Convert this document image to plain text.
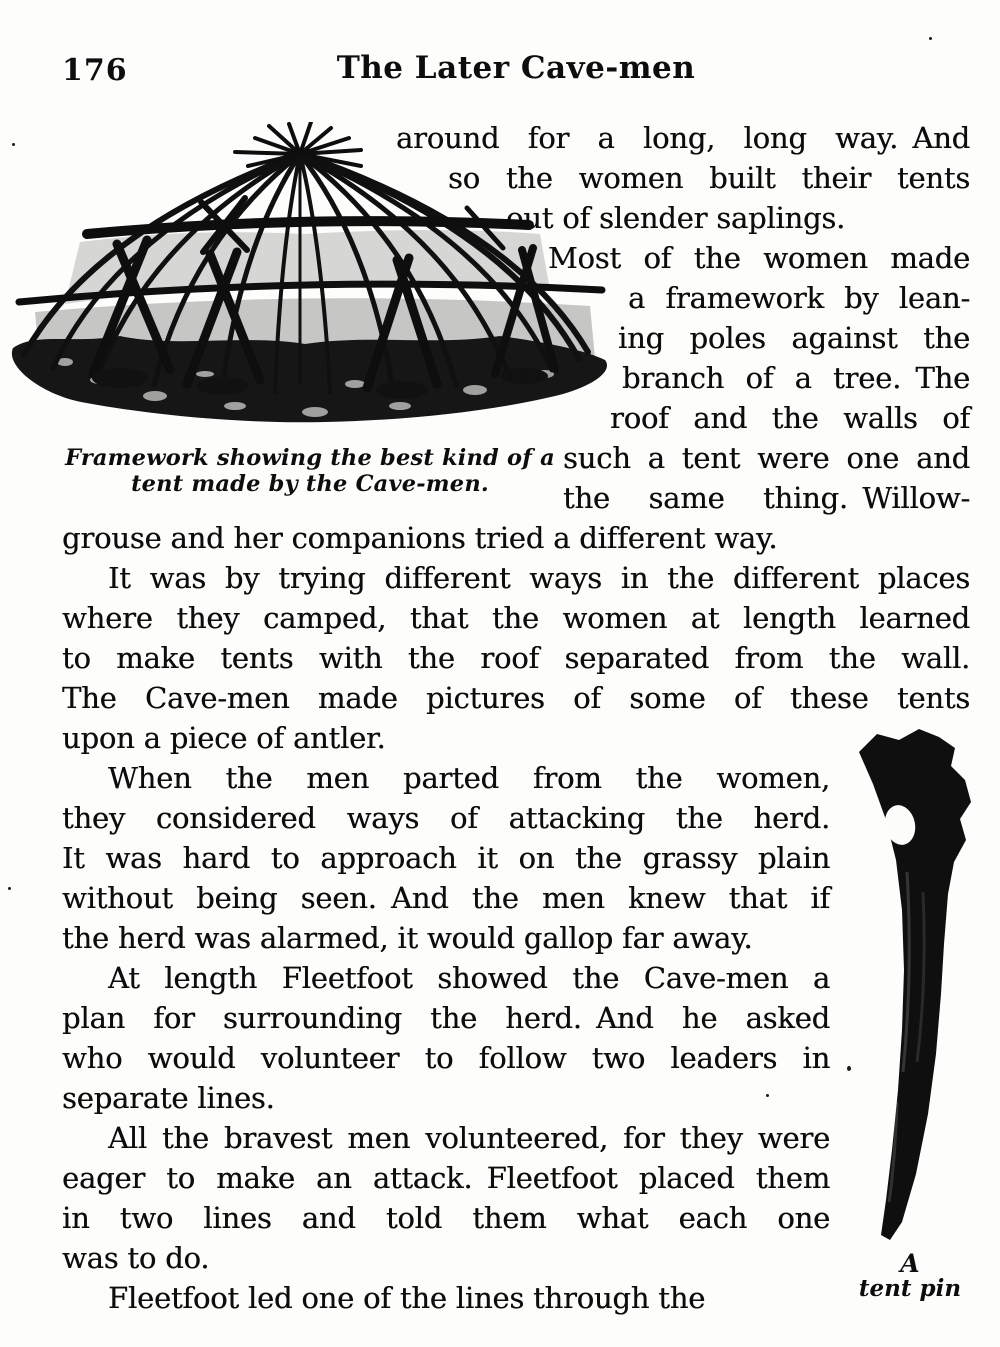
176	The Later Cave-men
Framework showing the best kind of a
tent made by the Cave-men.
A
tent pin
around for a long, long way. And
so the women built their tents
out of slender saplings.
Most of the women made
a framework by lean-
ing poles against the
branch of a tree. The
roof and the walls of
such a tent were one and
the same thing. Willow-
grouse and her companions tried a different way.
It was by trying different ways in the different places
where they camped, that the women at length learned
to make tents with the roof separated from the wall.
The Cave-men made pictures of some of these tents
upon a piece of antler.
When the men parted from the women,
they considered ways of attacking the herd.
It was hard to approach it on the grassy plain
without being seen. And the men knew that if
the herd was alarmed, it would gallop far away.
At length Fleetfoot showed the Cave-men a
plan for surrounding the herd. And he asked
who would volunteer to follow two leaders in
separate lines.
All the bravest men volunteered, for they were
eager to make an attack. Fleetfoot placed them
in two lines and told them what each one
was to do.
Fleetfoot led one of the lines through the
